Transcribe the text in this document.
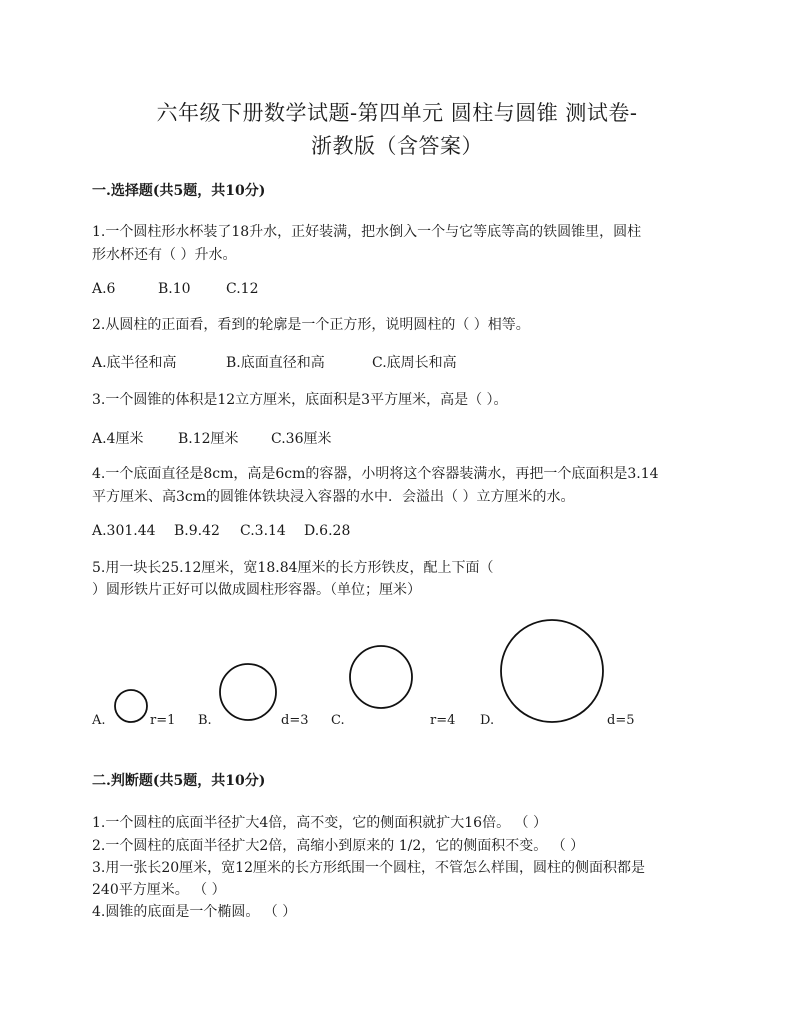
六年级下册数学试题-第四单元 圆柱与圆锥 测试卷-
浙教版（含答案）
一.选择题(共5题，共10分)
1.一个圆柱形水杯装了18升水，正好装满，把水倒入一个与它等底等高的铁圆锥里，圆柱
形水杯还有（ ）升水。
A.6	B.10	C.12
2.从圆柱的正面看，看到的轮廓是一个正方形，说明圆柱的（ ）相等。
A.底半径和高	B.底面直径和高	C.底周长和高
3.一个圆锥的体积是12立方厘米，底面积是3平方厘米，高是（ ）。
A.4厘米 B.12厘米 C.36厘米
4.一个底面直径是8cm，高是6cm的容器，小明将这个容器装满水，再把一个底面积是3.14
平方厘米、高3cm的圆锥体铁块浸入容器的水中．会溢出（ ）立方厘米的水。
A.301.44 B.9.42 C.3.14 D.6.28
5.用一块长25.12厘米，宽18.84厘米的长方形铁皮，配上下面（
）圆形铁片正好可以做成圆柱形容器。（单位；厘米）
A.	r=1 B.	d=3 C.	r=4 D.	d=5
二.判断题(共5题，共10分)
1.一个圆柱的底面半径扩大4倍，高不变，它的侧面积就扩大16倍。 （ ）
2.一个圆柱的底面半径扩大2倍，高缩小到原来的 1/2，它的侧面积不变。 （ ）
3.用一张长20厘米，宽12厘米的长方形纸围一个圆柱，不管怎么样围，圆柱的侧面积都是
240平方厘米。 （ ）
4.圆锥的底面是一个椭圆。 （ ）
